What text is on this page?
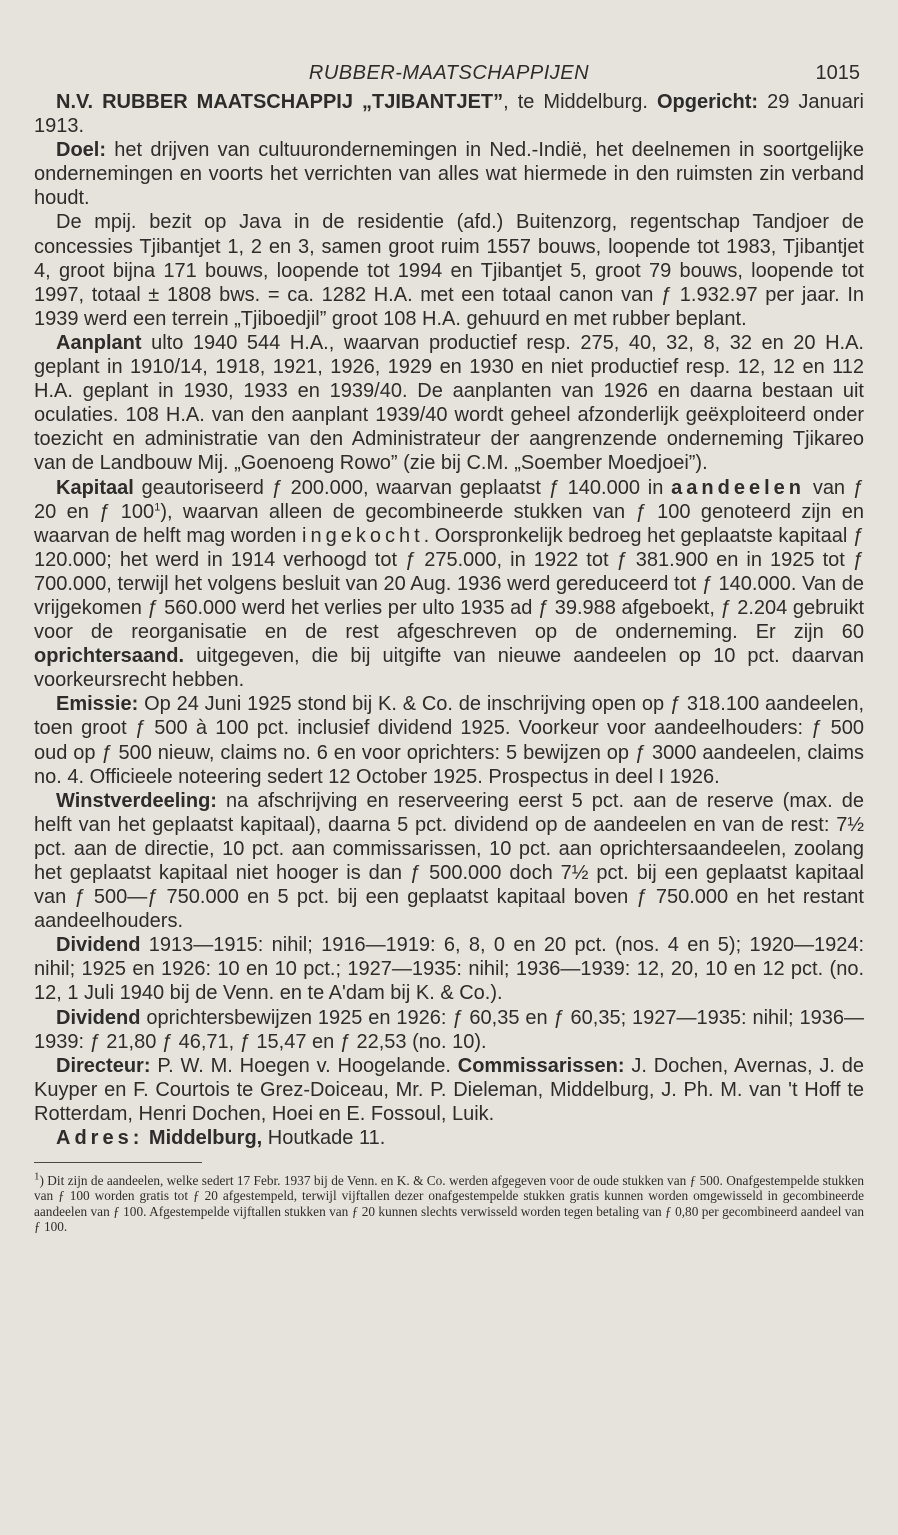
RUBBER-MAATSCHAPPIJEN	1015

N.V. RUBBER MAATSCHAPPIJ „TJIBANTJET”, te Middelburg. Opgericht: 29 Januari 1913.

Doel: het drijven van cultuurondernemingen in Ned.-Indië, het deelnemen in soortgelijke ondernemingen en voorts het verrichten van alles wat hiermede in den ruimsten zin verband houdt.

De mpij. bezit op Java in de residentie (afd.) Buitenzorg, regentschap Tandjoer de concessies Tjibantjet 1, 2 en 3, samen groot ruim 1557 bouws, loopende tot 1983, Tjibantjet 4, groot bijna 171 bouws, loopende tot 1994 en Tjibantjet 5, groot 79 bouws, loopende tot 1997, totaal ± 1808 bws. = ca. 1282 H.A. met een totaal canon van ƒ 1.932.97 per jaar. In 1939 werd een terrein „Tjiboedjil” groot 108 H.A. gehuurd en met rubber beplant.

Aanplant ulto 1940 544 H.A., waarvan productief resp. 275, 40, 32, 8, 32 en 20 H.A. geplant in 1910/14, 1918, 1921, 1926, 1929 en 1930 en niet productief resp. 12, 12 en 112 H.A. geplant in 1930, 1933 en 1939/40. De aanplanten van 1926 en daarna bestaan uit oculaties. 108 H.A. van den aanplant 1939/40 wordt geheel afzonderlijk geëxploiteerd onder toezicht en administratie van den Administrateur der aangrenzende onderneming Tjikareo van de Landbouw Mij. „Goenoeng Rowo” (zie bij C.M. „Soember Moedjoei”).

Kapitaal geautoriseerd ƒ 200.000, waarvan geplaatst ƒ 140.000 in aandeelen van ƒ 20 en ƒ $100^1$), waarvan alleen de gecombineerde stukken van ƒ 100 genoteerd zijn en waarvan de helft mag worden ingekocht. Oorspronkelijk bedroeg het geplaatste kapitaal ƒ 120.000; het werd in 1914 verhoogd tot ƒ 275.000, in 1922 tot ƒ 381.900 en in 1925 tot ƒ 700.000, terwijl het volgens besluit van 20 Aug. 1936 werd gereduceerd tot ƒ 140.000. Van de vrijgekomen ƒ 560.000 werd het verlies per ulto 1935 ad ƒ 39.988 afgeboekt, ƒ 2.204 gebruikt voor de reorganisatie en de rest afgeschreven op de onderneming. Er zijn 60 oprichtersaand. uitgegeven, die bij uitgifte van nieuwe aandeelen op 10 pct. daarvan voorkeursrecht hebben.

Emissie: Op 24 Juni 1925 stond bij K. & Co. de inschrijving open op ƒ 318.100 aandeelen, toen groot ƒ 500 à 100 pct. inclusief dividend 1925. Voorkeur voor aandeelhouders: ƒ 500 oud op ƒ 500 nieuw, claims no. 6 en voor oprichters: 5 bewijzen op ƒ 3000 aandeelen, claims no. 4. Officieele noteering sedert 12 October 1925. Prospectus in deel I 1926.

Winstverdeeling: na afschrijving en reserveering eerst 5 pct. aan de reserve (max. de helft van het geplaatst kapitaal), daarna 5 pct. dividend op de aandeelen en van de rest: 7½ pct. aan de directie, 10 pct. aan commissarissen, 10 pct. aan oprichtersaandeelen, zoolang het geplaatst kapitaal niet hooger is dan ƒ 500.000 doch 7½ pct. bij een geplaatst kapitaal van ƒ 500—ƒ 750.000 en 5 pct. bij een geplaatst kapitaal boven ƒ 750.000 en het restant aandeelhouders.

Dividend 1913—1915: nihil; 1916—1919: 6, 8, 0 en 20 pct. (nos. 4 en 5); 1920—1924: nihil; 1925 en 1926: 10 en 10 pct.; 1927—1935: nihil; 1936—1939: 12, 20, 10 en 12 pct. (no. 12, 1 Juli 1940 bij de Venn. en te A'dam bij K. & Co.).

Dividend oprichtersbewijzen 1925 en 1926: ƒ 60,35 en ƒ 60,35; 1927—1935: nihil; 1936—1939: ƒ 21,80 ƒ 46,71, ƒ 15,47 en ƒ 22,53 (no. 10).

Directeur: P. W. M. Hoegen v. Hoogelande. Commissarissen: J. Dochen, Avernas, J. de Kuyper en F. Courtois te Grez-Doiceau, Mr. P. Dieleman, Middelburg, J. Ph. M. van 't Hoff te Rotterdam, Henri Dochen, Hoei en E. Fossoul, Luik.

Adres: Middelburg, Houtkade 11.

$^1$) Dit zijn de aandeelen, welke sedert 17 Febr. 1937 bij de Venn. en K. & Co. werden afgegeven voor de oude stukken van ƒ 500. Onafgestempelde stukken van ƒ 100 worden gratis tot ƒ 20 afgestempeld, terwijl vijftallen dezer onafgestempelde stukken gratis kunnen worden omgewisseld in gecombineerde aandeelen van ƒ 100. Afgestempelde vijftallen stukken van ƒ 20 kunnen slechts verwisseld worden tegen betaling van ƒ 0,80 per gecombineerd aandeel van ƒ 100.
